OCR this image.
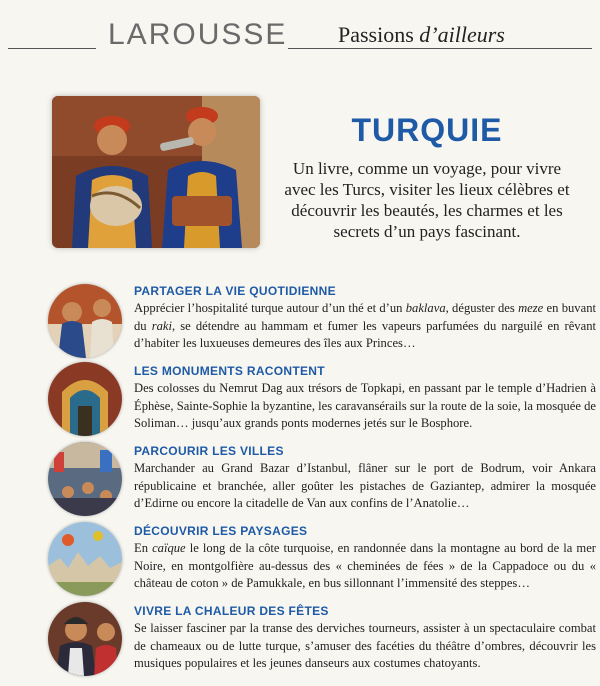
LAROUSSE Passions d’ailleurs
TURQUIE
Un livre, comme un voyage, pour vivre avec les Turcs, visiter les lieux célèbres et découvrir les beautés, les charmes et les secrets d’un pays fascinant.
PARTAGER LA VIE QUOTIDIENNE
Apprécier l’hospitalité turque autour d’un thé et d’un baklava, déguster des meze en buvant du raki, se détendre au hammam et fumer les vapeurs parfumées du narguilé en rêvant d’habiter les luxueuses demeures des îles aux Princes…
LES MONUMENTS RACONTENT
Des colosses du Nemrut Dag aux trésors de Topkapi, en passant par le temple d’Hadrien à Éphèse, Sainte-Sophie la byzantine, les caravansérails sur la route de la soie, la mosquée de Soliman… jusqu’aux grands ponts modernes jetés sur le Bosphore.
PARCOURIR LES VILLES
Marchander au Grand Bazar d’Istanbul, flâner sur le port de Bodrum, voir Ankara républicaine et branchée, aller goûter les pistaches de Gaziantep, admirer la mosquée d’Edirne ou encore la citadelle de Van aux confins de l’Anatolie…
DÉCOUVRIR LES PAYSAGES
En caïque le long de la côte turquoise, en randonnée dans la montagne au bord de la mer Noire, en montgolfière au-dessus des « cheminées de fées » de la Cappadoce ou du « château de coton » de Pamukkale, en bus sillonnant l’immensité des steppes…
VIVRE LA CHALEUR DES FÊTES
Se laisser fasciner par la transe des derviches tourneurs, assister à un spectaculaire combat de chameaux ou de lutte turque, s’amuser des facéties du théâtre d’ombres, découvrir les musiques populaires et les jeunes danseurs aux costumes chatoyants.
